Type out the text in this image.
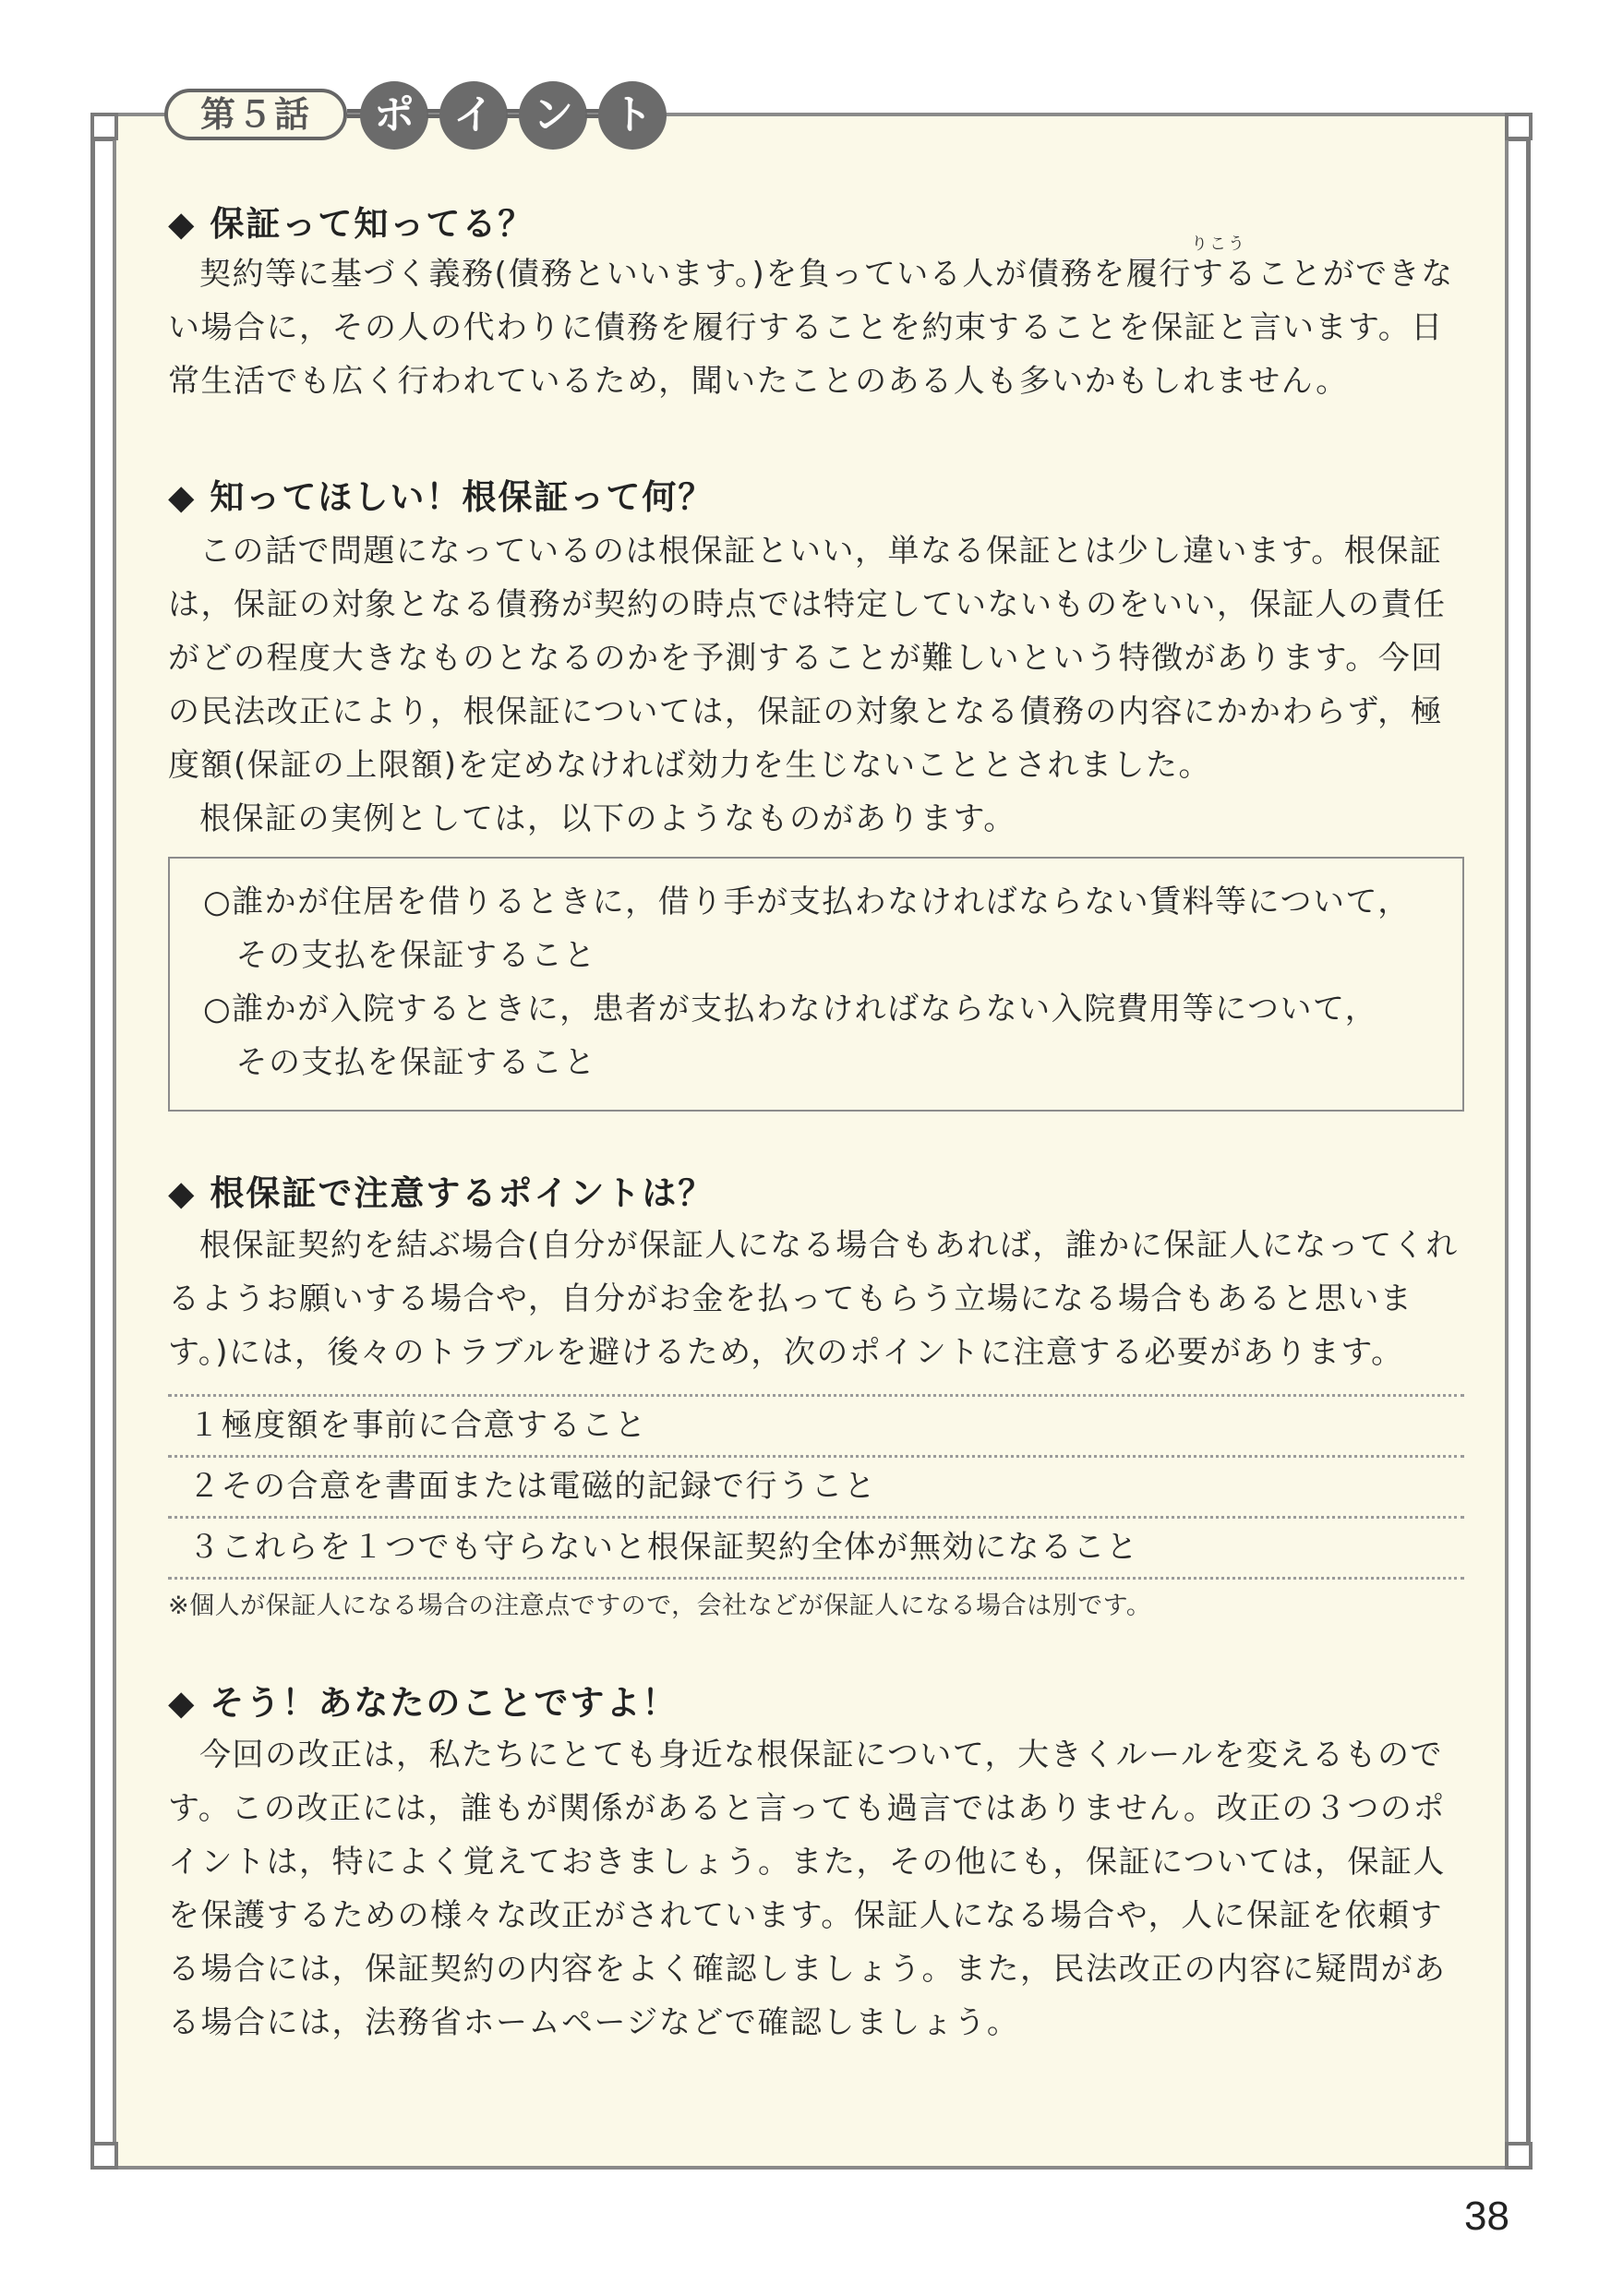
第５話	ポ イ ン ト
◆ 保証って知ってる？
りこう

契約等に基づく義務(債務といいます。)を負っている人が債務を履行することができない場合に，その人の代わりに債務を履行することを約束することを保証と言います。日常生活でも広く行われているため，聞いたことのある人も多いかもしれません。

◆ 知ってほしい！根保証って何？

この話で問題になっているのは根保証といい，単なる保証とは少し違います。根保証は，保証の対象となる債務が契約の時点では特定していないものをいい，保証人の責任がどの程度大きなものとなるのかを予測することが難しいという特徴があります。今回の民法改正により，根保証については，保証の対象となる債務の内容にかかわらず，極度額(保証の上限額)を定めなければ効力を生じないこととされました。

根保証の実例としては，以下のようなものがあります。

○誰かが住居を借りるときに，借り手が支払わなければならない賃料等について，
　その支払を保証すること
○誰かが入院するときに，患者が支払わなければならない入院費用等について，
　その支払を保証すること
◆ 根保証で注意するポイントは？

根保証契約を結ぶ場合(自分が保証人になる場合もあれば，誰かに保証人になってくれるようお願いする場合や，自分がお金を払ってもらう立場になる場合もあると思います。)には，後々のトラブルを避けるため，次のポイントに注意する必要があります。

１極度額を事前に合意すること
２その合意を書面または電磁的記録で行うこと
３これらを１つでも守らないと根保証契約全体が無効になること
※個人が保証人になる場合の注意点ですので，会社などが保証人になる場合は別です。
◆ そう！あなたのことですよ！

今回の改正は，私たちにとても身近な根保証について，大きくルールを変えるものです。この改正には，誰もが関係があると言っても過言ではありません。改正の３つのポイントは，特によく覚えておきましょう。また，その他にも，保証については，保証人を保護するための様々な改正がされています。保証人になる場合や，人に保証を依頼する場合には，保証契約の内容をよく確認しましょう。また，民法改正の内容に疑問がある場合には，法務省ホームページなどで確認しましょう。

38
